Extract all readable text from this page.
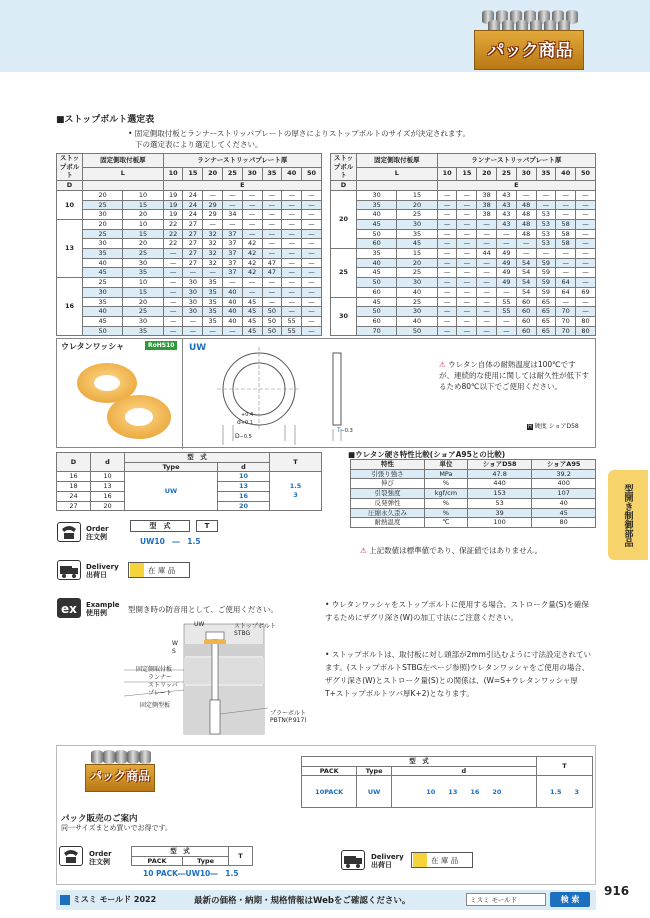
パック商品
■ストップボルト選定表
• 固定側取付板とランナーストリッパプレートの厚さによりストップボルトのサイズが決定されます。
下の選定表により選定してください。
ストップボルト	固定側取付板厚		ランナーストリッパプレート厚							
	L		10	15	20	25	30	35	40	50
D			E							
10	20	10	19	24	—	—	—	—	—	—
	25	15	19	24	29	—	—	—	—	—
	30	20	19	24	29	34	—	—	—	—
13	20	10	22	27	—	—	—	—	—	—
	25	15	22	27	32	37	—	—	—	—
	30	20	22	27	32	37	42	—	—	—
	35	25	—	27	32	37	42	—	—	—
	40	30	—	27	32	37	42	47	—	—
	45	35	—	—	—	37	42	47	—	—
16	25	10	—	30	35	—	—	—	—	—
	30	15	—	30	35	40	—	—	—	—
	35	20	—	30	35	40	45	—	—	—
	40	25	—	30	35	40	45	50	—	—
	45	30	—	—	35	40	45	50	55	—
	50	35	—	—	—	—	45	50	55	—
ストップボルト	固定側取付板厚		ランナーストリッパプレート厚							
	L		10	15	20	25	30	35	40	50
D			E							
20	30	15	—	—	38	43	—	—	—	—
	35	20	—	—	38	43	48	—	—	—
	40	25	—	—	38	43	48	53	—	—
	45	30	—	—	—	43	48	53	58	—
	50	35	—	—	—	—	48	53	58	—
	60	45	—	—	—	—	—	53	58	—
25	35	15	—	—	44	49	—	—	—	—
	40	20	—	—	—	49	54	59	—	—
	45	25	—	—	—	49	54	59	—	—
	50	30	—	—	—	49	54	59	64	—
	60	40	—	—	—	—	54	59	64	69
30	45	25	—	—	—	55	60	65	—	—
	50	30	—	—	—	55	60	65	70	—
	60	40	—	—	—	—	60	65	70	80
	70	50	—	—	—	—	60	65	70	80
ウレタンワッシャ	RoHS10	UW
+0.4
d+0.1
D−0.5
T−0.3
⚠ ウレタン自体の耐熱温度は100℃ですが、連続的な使用に関しては耐久性が低下するため80℃以下でご使用ください。
H 硬度 ショアD58
D	d	型　式		T
		Type	d	
16	10	UW	10	1.5
3
18	13		13	
24	16		16	
27	20		20	
■ウレタン硬さ特性比較(ショアA95との比較)
特性	単位	ショアD58	ショアA95
引張り強さ	MPa	47.8	39.2
伸び	%	440	400
引裂強度	kgf/cm	153	107
反発弾性	%	53	40
圧縮永久歪み	%	39	45
耐熱温度	℃	100	80
⚠ 上記数値は標準値であり、保証値ではありません。
型開き制御部品
Order
注文例
型　式	T
UW10　―　1.5
Delivery
出荷日
在 庫 品
ex	Example
使用例	型開き時の防音用として、ご使用ください。
UW	ストップボルト
STBG
W
S
固定側取付板
ランナー
ストリッパ
プレート
固定側型板
プラーボルト
PBTN(P.917)
• ウレタンワッシャをストップボルトに使用する場合、ストローク量(S)を確保するためにザグリ深さ(W)の加工寸法にご注意ください。
• ストップボルトは、取付板に対し頭部が2mm引込むように寸法設定されています。(ストップボルトSTBG左ページ参照)ウレタンワッシャをご使用の場合、ザグリ深さ(W)とストローク量(S)との関係は、(W=S+ウレタンワッシャ厚T+ストップボルトツバ厚K+2)となります。
パック商品
パック販売のご案内
同一サイズまとめ買いでお得です。
型　式			T
PACK	Type	d	
10PACK	UW	10　　 13　　 16　　 20	1.5　　 3
Order
注文例
型　式		T
PACK	Type	
10 PACK―UW10―　1.5
Delivery
出荷日
在 庫 品
ミスミ モールド 2022	最新の価格・納期・規格情報はWebをご確認ください。	ミスミ モールド	検 索
916
